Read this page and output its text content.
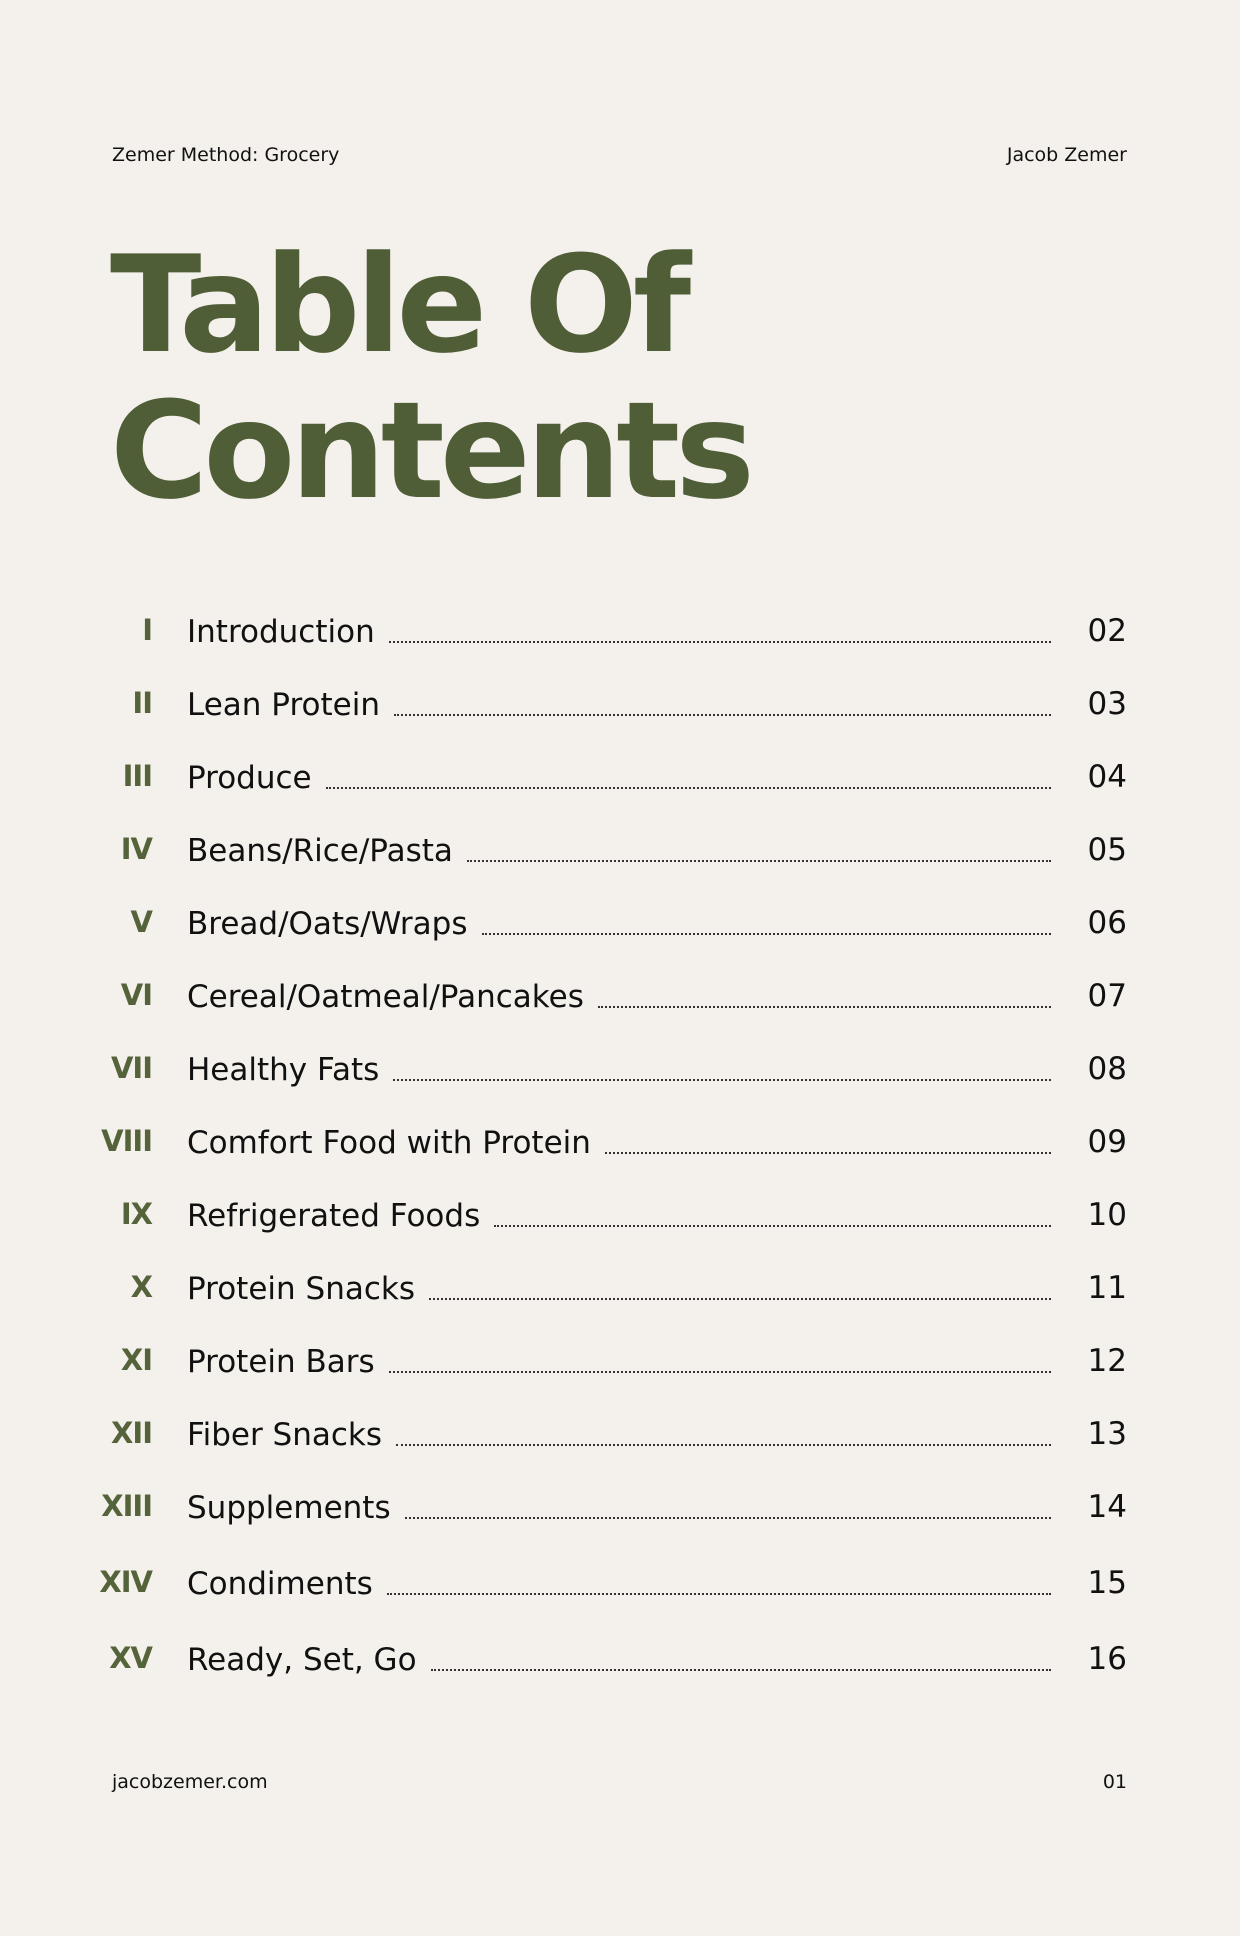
Zemer Method: Grocery	Jacob Zemer
Table Of
Contents
I Introduction	02
II Lean Protein	03
III Produce	04
IV Beans/Rice/Pasta	05
V Bread/Oats/Wraps	06
VI Cereal/Oatmeal/Pancakes	07
VII Healthy Fats	08
VIII Comfort Food with Protein	09
IX Refrigerated Foods	10
X Protein Snacks	11
XI Protein Bars	12
XII Fiber Snacks	13
XIII Supplements	14
XIV Condiments	15
XV Ready, Set, Go	16
jacobzemer.com	01
